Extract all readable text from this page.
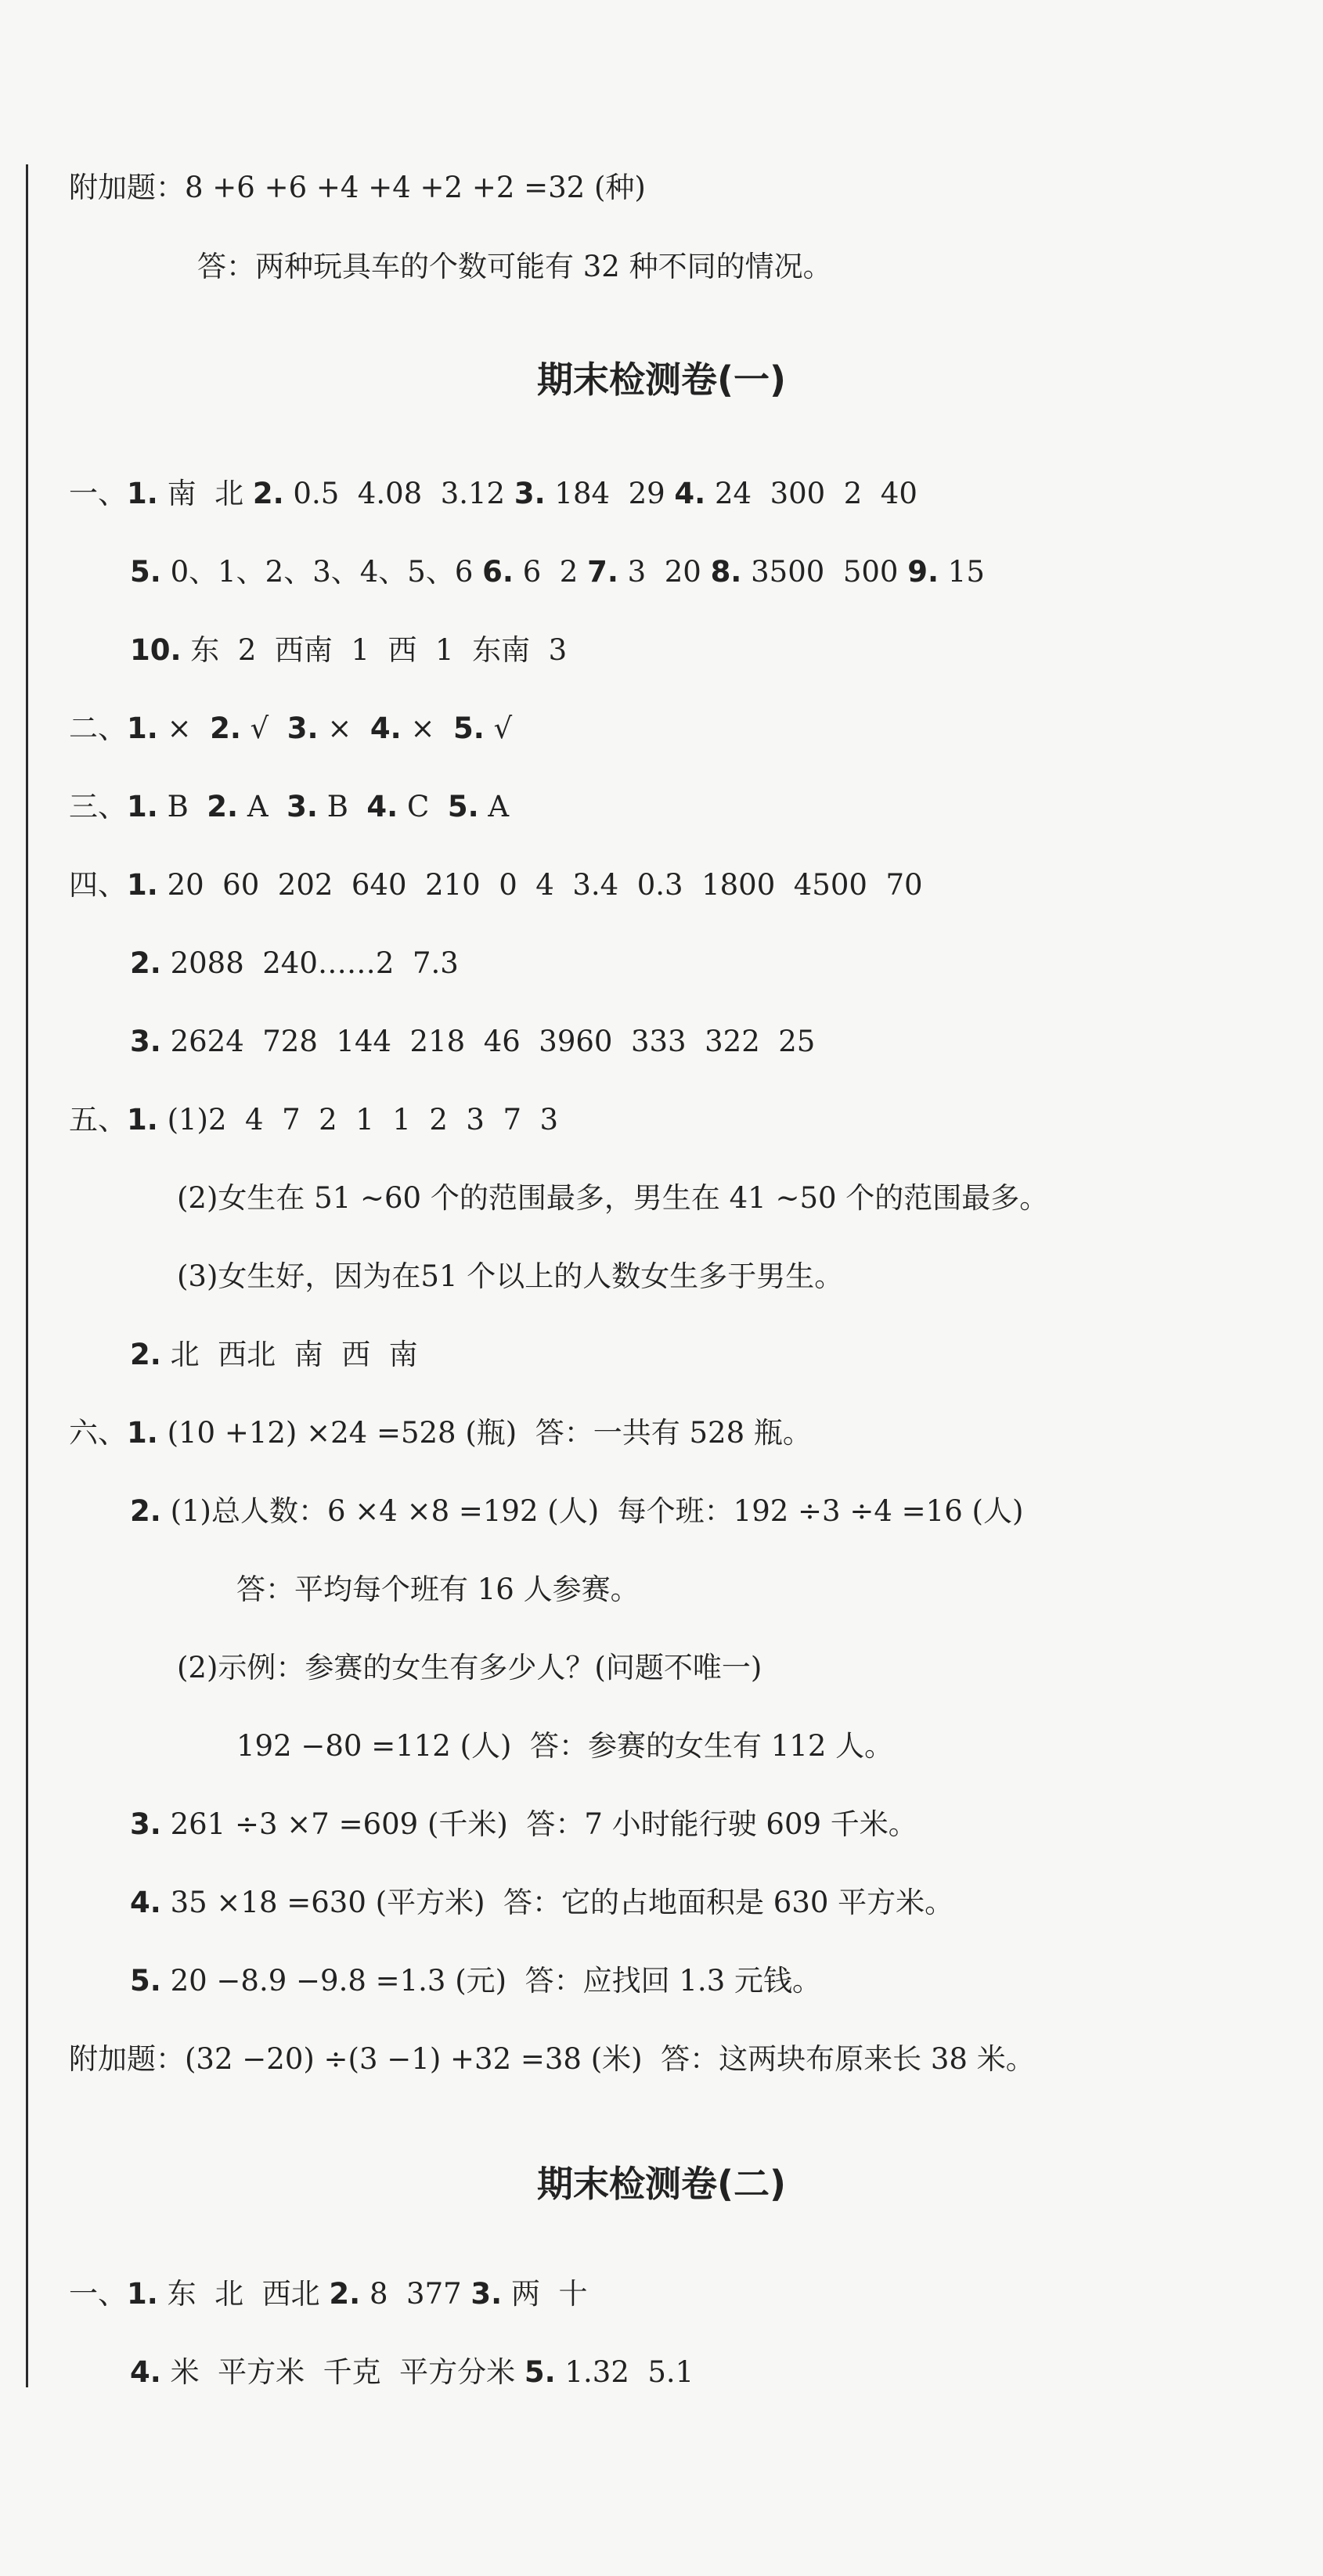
附加题：8 +6 +6 +4 +4 +2 +2 =32 (种)
答：两种玩具车的个数可能有 32 种不同的情况。
期末检测卷(一)
一、1. 南  北 2. 0.5  4.08  3.12 3. 184  29 4. 24  300  2  40
5. 0、1、2、3、4、5、6 6. 6  2 7. 3  20 8. 3500  500 9. 15
10. 东  2  西南  1  西  1  东南  3
二、1. ×  2. √  3. ×  4. ×  5. √
三、1. B  2. A  3. B  4. C  5. A
四、1. 20  60  202  640  210  0  4  3.4  0.3  1800  4500  70
2. 2088  240……2  7.3
3. 2624  728  144  218  46  3960  333  322  25
五、1. (1)2  4  7  2  1  1  2  3  7  3
(2)女生在 51 ~60 个的范围最多，男生在 41 ~50 个的范围最多。
(3)女生好，因为在51 个以上的人数女生多于男生。
2. 北  西北  南  西  南
六、1. (10 +12) ×24 =528 (瓶)  答：一共有 528 瓶。
2. (1)总人数：6 ×4 ×8 =192 (人)  每个班：192 ÷3 ÷4 =16 (人)
答：平均每个班有 16 人参赛。
(2)示例：参赛的女生有多少人？(问题不唯一)
192 −80 =112 (人)  答：参赛的女生有 112 人。
3. 261 ÷3 ×7 =609 (千米)  答：7 小时能行驶 609 千米。
4. 35 ×18 =630 (平方米)  答：它的占地面积是 630 平方米。
5. 20 −8.9 −9.8 =1.3 (元)  答：应找回 1.3 元钱。
附加题：(32 −20) ÷(3 −1) +32 =38 (米)  答：这两块布原来长 38 米。
期末检测卷(二)
一、1. 东  北  西北 2. 8  377 3. 两  十
4. 米  平方米  千克  平方分米 5. 1.32  5.1
